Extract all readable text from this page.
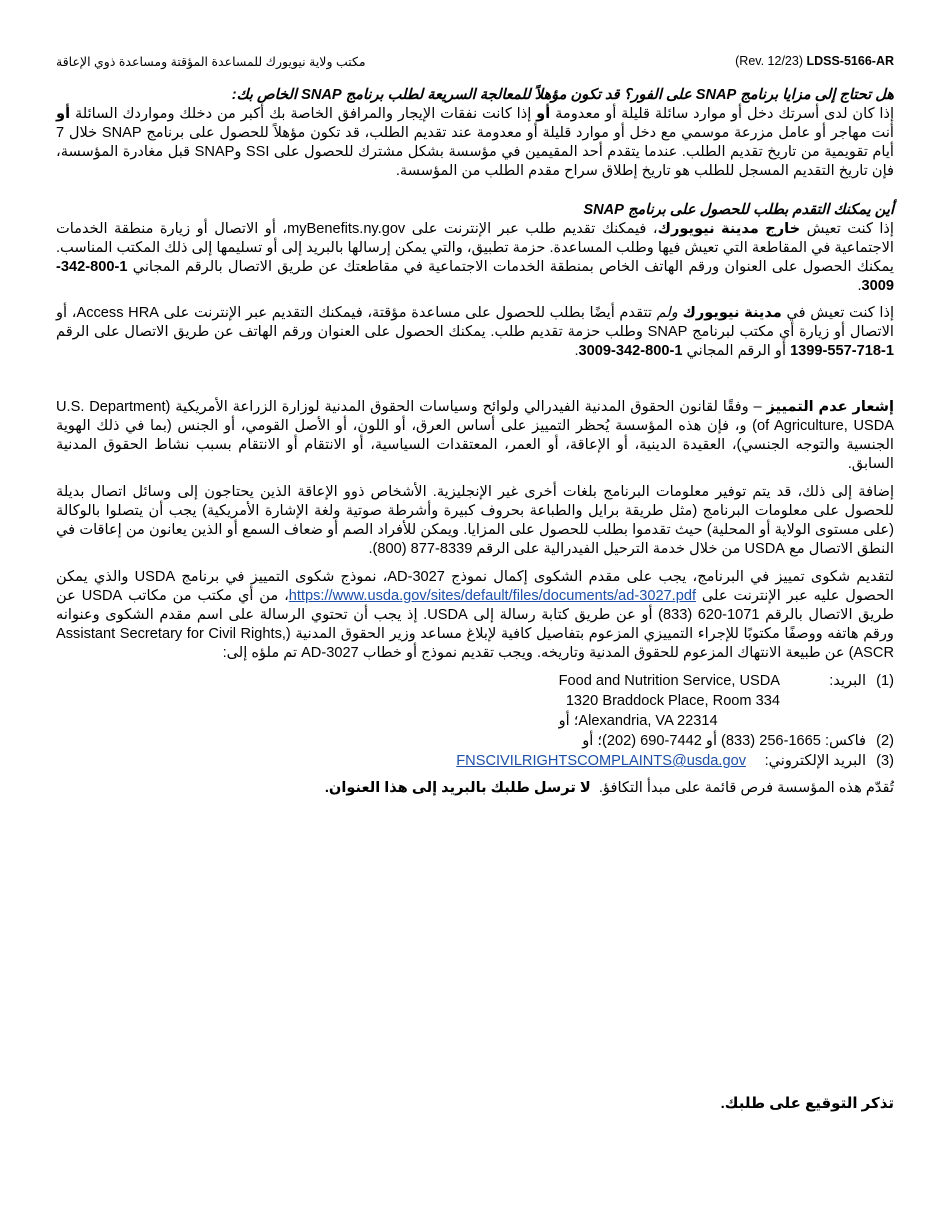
مكتب ولاية نيويورك للمساعدة المؤقتة ومساعدة ذوي الإعاقة	(Rev. 12/23) LDSS-5166-AR

هل تحتاج إلى مزايا برنامج SNAP على الفور؟ قد تكون مؤهلاً للمعالجة السريعة لطلب برنامج SNAP الخاص بك:

إذا كان لدى أسرتك دخل أو موارد سائلة قليلة أو معدومة أو إذا كانت نفقات الإيجار والمرافق الخاصة بك أكبر من دخلك ومواردك السائلة أو أنت مهاجر أو عامل مزرعة موسمي مع دخل أو موارد قليلة أو معدومة عند تقديم الطلب، قد تكون مؤهلاً للحصول على برنامج SNAP خلال 7 أيام تقويمية من تاريخ تقديم الطلب. عندما يتقدم أحد المقيمين في مؤسسة بشكل مشترك للحصول على SSI وSNAP قبل مغادرة المؤسسة، فإن تاريخ التقديم المسجل للطلب هو تاريخ إطلاق سراح مقدم الطلب من المؤسسة.

أين يمكنك التقدم بطلب للحصول على برنامج SNAP

إذا كنت تعيش خارج مدينة نيويورك، فيمكنك تقديم طلب عبر الإنترنت على myBenefits.ny.gov، أو الاتصال أو زيارة منطقة الخدمات الاجتماعية في المقاطعة التي تعيش فيها وطلب المساعدة. حزمة تطبيق، والتي يمكن إرسالها بالبريد إلى أو تسليمها إلى ذلك المكتب المناسب. يمكنك الحصول على العنوان ورقم الهاتف الخاص بمنطقة الخدمات الاجتماعية في مقاطعتك عن طريق الاتصال بالرقم المجاني 1-800-342-3009.

إذا كنت تعيش في مدينة نيويورك ولم تتقدم أيضًا بطلب للحصول على مساعدة مؤقتة، فيمكنك التقديم عبر الإنترنت على Access HRA، أو الاتصال أو زيارة أي مكتب لبرنامج SNAP وطلب حزمة تقديم طلب. يمكنك الحصول على العنوان ورقم الهاتف عن طريق الاتصال على الرقم 1-718-557-1399 أو الرقم المجاني 1-800-342-3009.

إشعار عدم التمييز – وفقًا لقانون الحقوق المدنية الفيدرالي ولوائح وسياسات الحقوق المدنية لوزارة الزراعة الأمريكية (U.S. Department of Agriculture, USDA) و، فإن هذه المؤسسة يُحظر التمييز على أساس العرق، أو اللون، أو الأصل القومي، أو الجنس (بما في ذلك الهوية الجنسية والتوجه الجنسي)، العقيدة الدينية، أو الإعاقة، أو العمر، المعتقدات السياسية، أو الانتقام أو الانتقام بسبب نشاط الحقوق المدنية السابق.

إضافة إلى ذلك، قد يتم توفير معلومات البرنامج بلغات أخرى غير الإنجليزية. الأشخاص ذوو الإعاقة الذين يحتاجون إلى وسائل اتصال بديلة للحصول على معلومات البرنامج (مثل طريقة برايل والطباعة بحروف كبيرة وأشرطة صوتية ولغة الإشارة الأمريكية) يجب أن يتصلوا بالوكالة (على مستوى الولاية أو المحلية) حيث تقدموا بطلب للحصول على المزايا. ويمكن للأفراد الصم أو ضعاف السمع أو الذين يعانون من إعاقات في النطق الاتصال مع USDA من خلال خدمة الترحيل الفيدرالية على الرقم 8339-877 (800).

لتقديم شكوى تمييز في البرنامج، يجب على مقدم الشكوى إكمال نموذج AD-3027، نموذج شكوى التمييز في برنامج USDA والذي يمكن الحصول عليه عبر الإنترنت على https://www.usda.gov/sites/default/files/documents/ad-3027.pdf، من أي مكتب من مكاتب USDA عن طريق الاتصال بالرقم 1071-620 (833) أو عن طريق كتابة رسالة إلى USDA. إذ يجب أن تحتوي الرسالة على اسم مقدم الشكوى وعنوانه ورقم هاتفه ووصفًا مكتوبًا للإجراء التمييزي المزعوم بتفاصيل كافية لإبلاغ مساعد وزير الحقوق المدنية (Assistant Secretary for Civil Rights, ASCR) عن طبيعة الانتهاك المزعوم للحقوق المدنية وتاريخه. ويجب تقديم نموذج أو خطاب AD-3027 تم ملؤه إلى:

(1)
البريد:
Food and Nutrition Service, USDA
1320 Braddock Place, Room 334
Alexandria, VA 22314؛ أو
(2)
فاكس: 1665-256 (833) أو 7442-690 (202)؛ أو
(3)
البريد الإلكتروني:
FNSCIVILRIGHTSCOMPLAINTS@usda.gov

تُقدّم هذه المؤسسة فرص قائمة على مبدأ التكافؤ.  لا ترسل طلبك بالبريد إلى هذا العنوان.

تذكر التوقيع على طلبك.
